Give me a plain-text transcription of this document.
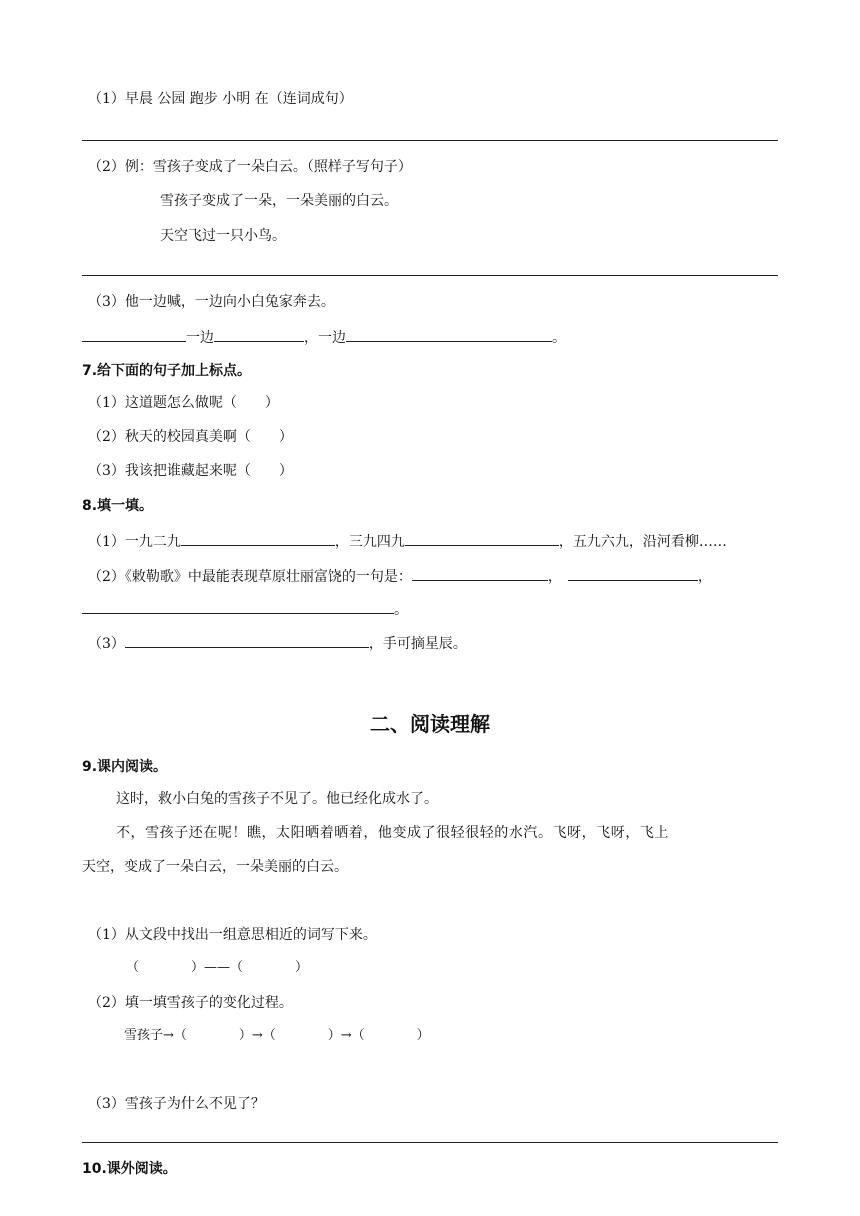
（1）早晨 公园 跑步 小明 在（连词成句）
（2）例：雪孩子变成了一朵白云。（照样子写句子）
雪孩子变成了一朵，一朵美丽的白云。
天空飞过一只小鸟。
（3）他一边喊，一边向小白兔家奔去。
一边	，一边	。
7.给下面的句子加上标点。
（1）这道题怎么做呢（　　）
（2）秋天的校园真美啊（　　）
（3）我该把谁藏起来呢（　　）
8.填一填。
（1）一九二九	，三九四九	，五九六九，沿河看柳……
（2）《敕勒歌》中最能表现草原壮丽富饶的一句是：	，	，
。
（3）	，手可摘星辰。
二、阅读理解
9.课内阅读。
这时，救小白兔的雪孩子不见了。他已经化成水了。
不，雪孩子还在呢！瞧，太阳晒着晒着，他变成了很轻很轻的水汽。飞呀，飞呀，飞上
天空，变成了一朵白云，一朵美丽的白云。
（1）从文段中找出一组意思相近的词写下来。
（　　　　）——（　　　　）
（2）填一填雪孩子的变化过程。
雪孩子→（　　　　）→（　　　　）→（　　　　）
（3）雪孩子为什么不见了？
10.课外阅读。
